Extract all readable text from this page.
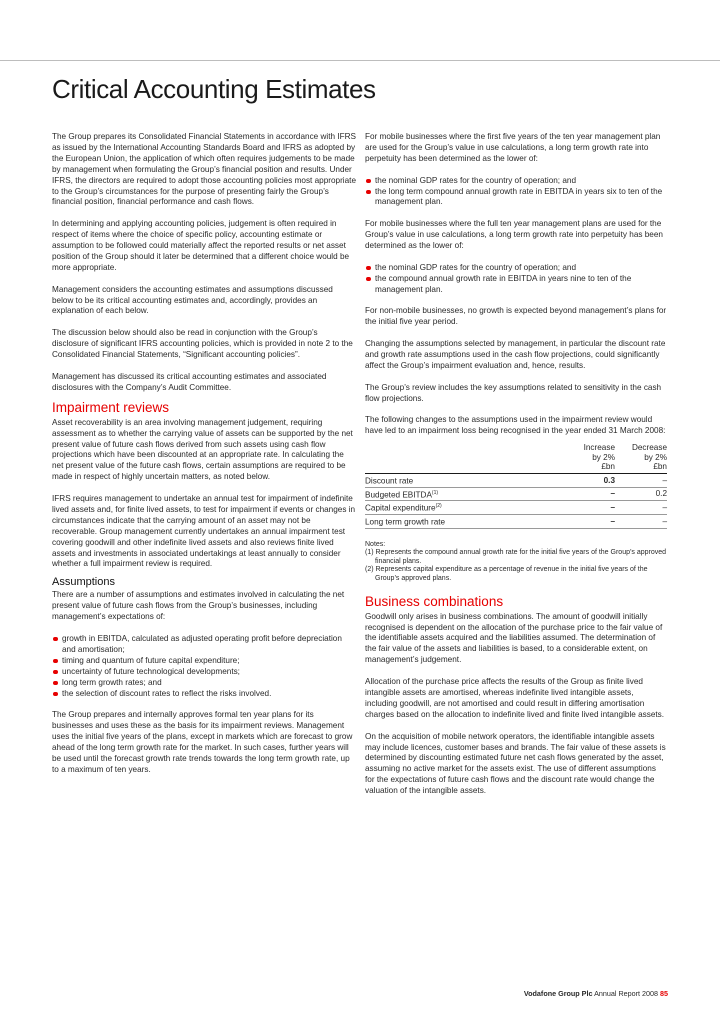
Critical Accounting Estimates

The Group prepares its Consolidated Financial Statements in accordance with IFRS as issued by the International Accounting Standards Board and IFRS as adopted by the European Union, the application of which often requires judgements to be made by management when formulating the Group’s financial position and results. Under IFRS, the directors are required to adopt those accounting policies most appropriate to the Group’s circumstances for the purpose of presenting fairly the Group’s financial position, financial performance and cash flows.

In determining and applying accounting policies, judgement is often required in respect of items where the choice of specific policy, accounting estimate or assumption to be followed could materially affect the reported results or net asset position of the Group should it later be determined that a different choice would be more appropriate.

Management considers the accounting estimates and assumptions discussed below to be its critical accounting estimates and, accordingly, provides an explanation of each below.

The discussion below should also be read in conjunction with the Group’s disclosure of significant IFRS accounting policies, which is provided in note 2 to the Consolidated Financial Statements, “Significant accounting policies”.

Management has discussed its critical accounting estimates and associated disclosures with the Company’s Audit Committee.

Impairment reviews

Asset recoverability is an area involving management judgement, requiring assessment as to whether the carrying value of assets can be supported by the net present value of future cash flows derived from such assets using cash flow projections which have been discounted at an appropriate rate. In calculating the net present value of the future cash flows, certain assumptions are required to be made in respect of highly uncertain matters, as noted below.

IFRS requires management to undertake an annual test for impairment of indefinite lived assets and, for finite lived assets, to test for impairment if events or changes in circumstances indicate that the carrying amount of an asset may not be recoverable. Group management currently undertakes an annual impairment test covering goodwill and other indefinite lived assets and also reviews finite lived assets and investments in associated undertakings at least annually to consider whether a full impairment review is required.

Assumptions

There are a number of assumptions and estimates involved in calculating the net present value of future cash flows from the Group’s businesses, including management’s expectations of:

growth in EBITDA, calculated as adjusted operating profit before depreciation and amortisation;
timing and quantum of future capital expenditure;
uncertainty of future technological developments;
long term growth rates; and
the selection of discount rates to reflect the risks involved.

The Group prepares and internally approves formal ten year plans for its businesses and uses these as the basis for its impairment reviews. Management uses the initial five years of the plans, except in markets which are forecast to grow ahead of the long term growth rate for the market. In such cases, further years will be used until the forecast growth rate trends towards the long term growth rate, up to a maximum of ten years.

For mobile businesses where the first five years of the ten year management plan are used for the Group’s value in use calculations, a long term growth rate into perpetuity has been determined as the lower of:

the nominal GDP rates for the country of operation; and
the long term compound annual growth rate in EBITDA in years six to ten of the management plan.

For mobile businesses where the full ten year management plans are used for the Group’s value in use calculations, a long term growth rate into perpetuity has been determined as the lower of:

the nominal GDP rates for the country of operation; and
the compound annual growth rate in EBITDA in years nine to ten of the management plan.

For non-mobile businesses, no growth is expected beyond management’s plans for the initial five year period.

Changing the assumptions selected by management, in particular the discount rate and growth rate assumptions used in the cash flow projections, could significantly affect the Group’s impairment evaluation and, hence, results.

The Group’s review includes the key assumptions related to sensitivity in the cash flow projections.

The following changes to the assumptions used in the impairment review would have led to an impairment loss being recognised in the year ended 31 March 2008:

	Increase
by 2%
£bn	Decrease
by 2%
£bn
Discount rate	0.3	–
Budgeted EBITDA$^{(1)}$	–	0.2
Capital expenditure$^{(2)}$	–	–
Long term growth rate	–	–
Notes:
(1) Represents the compound annual growth rate for the initial five years of the Group’s approved financial plans.
(2) Represents capital expenditure as a percentage of revenue in the initial five years of the Group’s approved plans.
Business combinations

Goodwill only arises in business combinations. The amount of goodwill initially recognised is dependent on the allocation of the purchase price to the fair value of the identifiable assets acquired and the liabilities assumed. The determination of the fair value of the assets and liabilities is based, to a considerable extent, on management’s judgement.

Allocation of the purchase price affects the results of the Group as finite lived intangible assets are amortised, whereas indefinite lived intangible assets, including goodwill, are not amortised and could result in differing amortisation charges based on the allocation to indefinite lived and finite lived intangible assets.

On the acquisition of mobile network operators, the identifiable intangible assets may include licences, customer bases and brands. The fair value of these assets is determined by discounting estimated future net cash flows generated by the asset, assuming no active market for the assets exist. The use of different assumptions for the expectations of future cash flows and the discount rate would change the valuation of the intangible assets.

Vodafone Group Plc Annual Report 2008 85
